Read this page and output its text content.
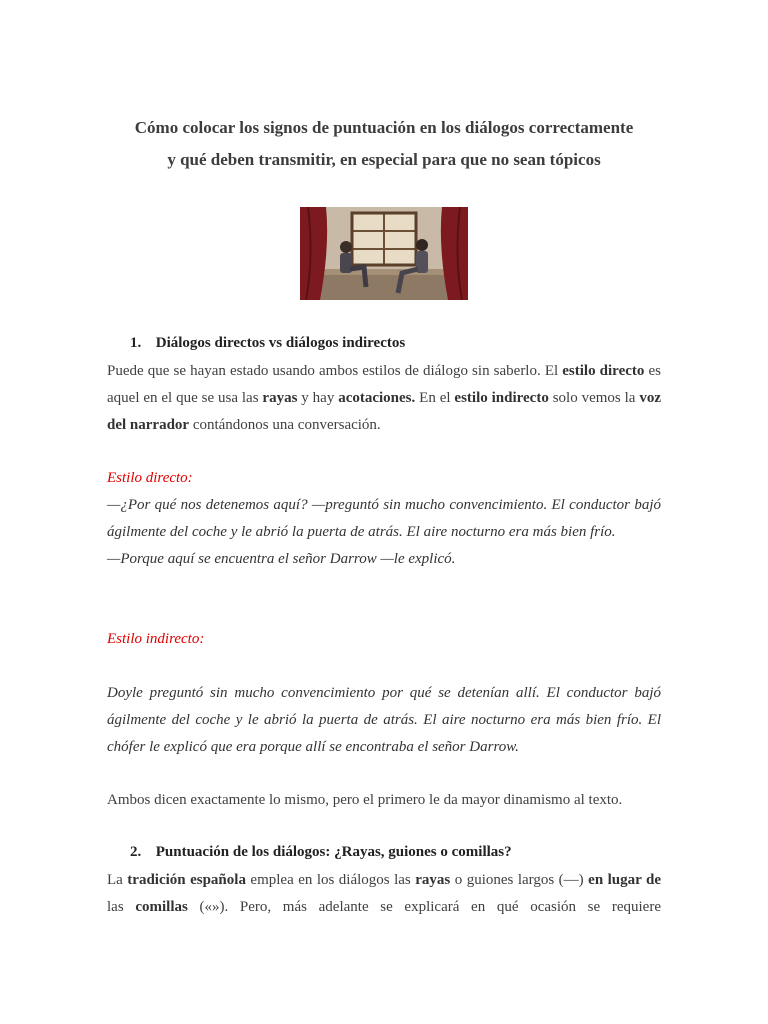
Cómo colocar los signos de puntuación en los diálogos correctamente
y qué deben transmitir, en especial para que no sean tópicos
1. Diálogos directos vs diálogos indirectos

Puede que se hayan estado usando ambos estilos de diálogo sin saberlo. El estilo directo es aquel en el que se usa las rayas y hay acotaciones. En el estilo indirecto solo vemos la voz del narrador contándonos una conversación.

Estilo directo:

—¿Por qué nos detenemos aquí? —preguntó sin mucho convencimiento. El conductor bajó ágilmente del coche y le abrió la puerta de atrás. El aire nocturno era más bien frío.
—Porque aquí se encuentra el señor Darrow —le explicó.

Estilo indirecto:

Doyle preguntó sin mucho convencimiento por qué se detenían allí. El conductor bajó ágilmente del coche y le abrió la puerta de atrás. El aire nocturno era más bien frío. El chófer le explicó que era porque allí se encontraba el señor Darrow.

Ambos dicen exactamente lo mismo, pero el primero le da mayor dinamismo al texto.

2. Puntuación de los diálogos: ¿Rayas, guiones o comillas?

La tradición española emplea en los diálogos las rayas o guiones largos (—) en lugar de las comillas («»). Pero, más adelante se explicará en qué ocasión se requiere
